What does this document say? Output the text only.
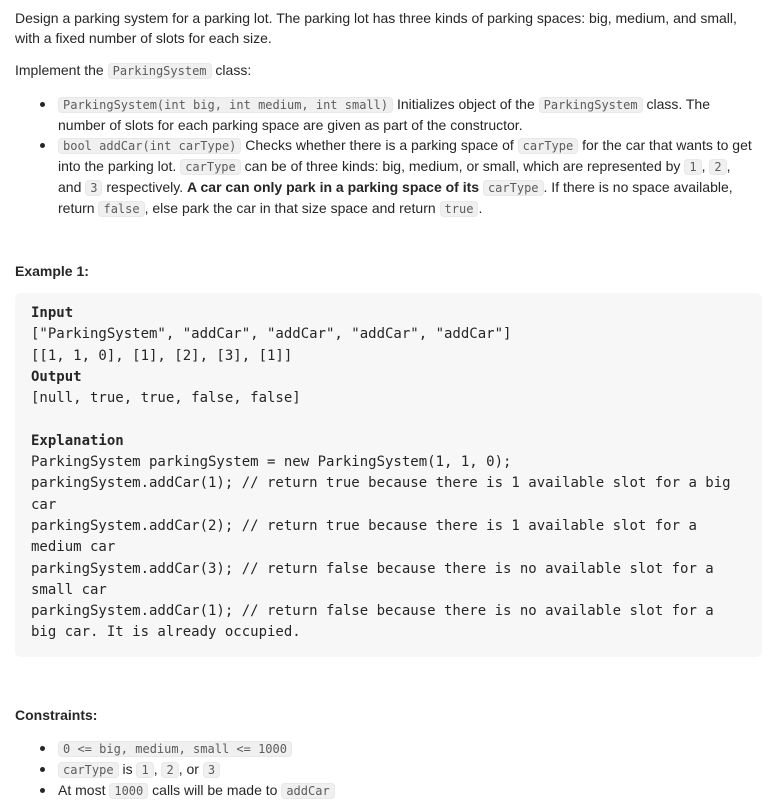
Design a parking system for a parking lot. The parking lot has three kinds of parking spaces: big, medium, and small, with a fixed number of slots for each size.

Implement the ParkingSystem class:

ParkingSystem(int big, int medium, int small) Initializes object of the ParkingSystem class. The number of slots for each parking space are given as part of the constructor.
bool addCar(int carType) Checks whether there is a parking space of carType for the car that wants to get into the parking lot. carType can be of three kinds: big, medium, or small, which are represented by 1 , 2 , and 3 respectively. A car can only park in a parking space of its carType . If there is no space available, return false , else park the car in that size space and return true .

Example 1:

Input
["ParkingSystem", "addCar", "addCar", "addCar", "addCar"]
[[1, 1, 0], [1], [2], [3], [1]]
Output
[null, true, true, false, false]
Explanation
ParkingSystem parkingSystem = new ParkingSystem(1, 1, 0);
parkingSystem.addCar(1); // return true because there is 1 available slot for a big car
parkingSystem.addCar(2); // return true because there is 1 available slot for a medium car
parkingSystem.addCar(3); // return false because there is no available slot for a small car
parkingSystem.addCar(1); // return false because there is no available slot for a big car. It is already occupied.

Constraints:

0 <= big, medium, small <= 1000
carType is 1 , 2 , or 3
At most 1000 calls will be made to addCar
